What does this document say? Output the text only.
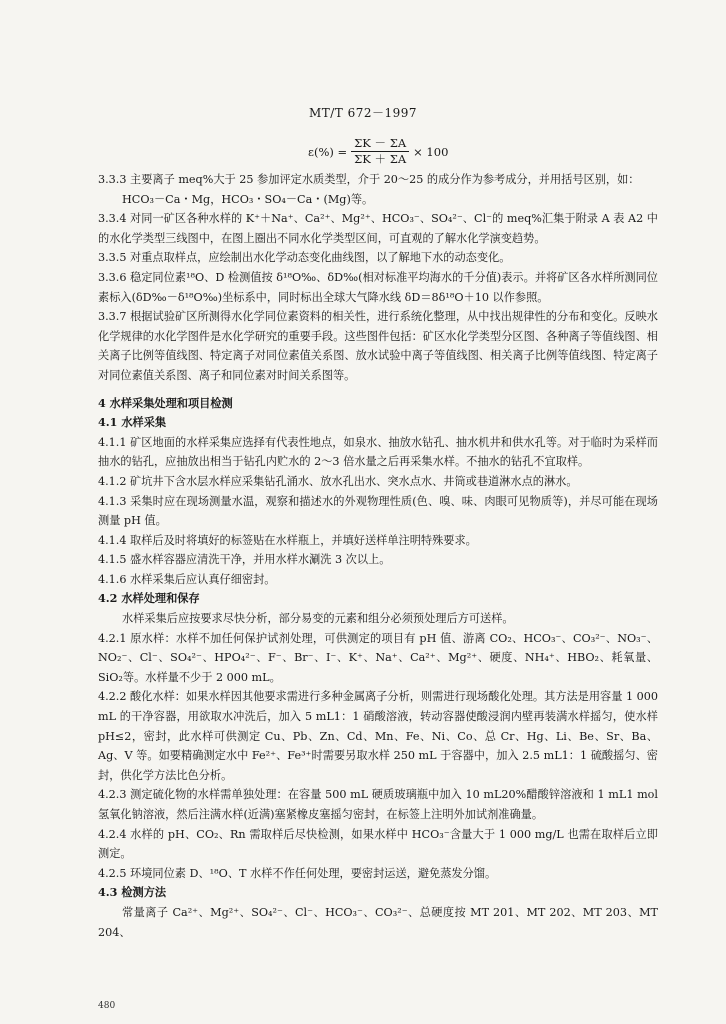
MT/T 672－1997
$\varepsilon(\%) = \frac{\Sigma K - \Sigma A}{\Sigma K + \Sigma A} \times 100$

3.3.3 主要离子 meq%大于 25 参加评定水质类型，介于 20～25 的成分作为参考成分，并用括号区别，如：

HCO₃－Ca・Mg，HCO₃・SO₄－Ca・(Mg)等。

3.3.4 对同一矿区各种水样的 K⁺＋Na⁺、Ca²⁺、Mg²⁺、HCO₃⁻、SO₄²⁻、Cl⁻的 meq%汇集于附录 A 表 A2 中的水化学类型三线图中，在图上圈出不同水化学类型区间，可直观的了解水化学演变趋势。

3.3.5 对重点取样点，应绘制出水化学动态变化曲线图，以了解地下水的动态变化。

3.3.6 稳定同位素¹⁸O、D 检测值按 δ¹⁸O‰、δD‰(相对标准平均海水的千分值)表示。并将矿区各水样所测同位素标入(δD‰－δ¹⁸O‰)坐标系中，同时标出全球大气降水线 δD＝8δ¹⁸O＋10 以作参照。

3.3.7 根据试验矿区所测得水化学同位素资料的相关性，进行系统化整理，从中找出规律性的分布和变化。反映水化学规律的水化学图件是水化学研究的重要手段。这些图件包括：矿区水化学类型分区图、各种离子等值线图、相关离子比例等值线图、特定离子对同位素值关系图、放水试验中离子等值线图、相关离子比例等值线图、特定离子对同位素值关系图、离子和同位素对时间关系图等。

4 水样采集处理和项目检测

4.1 水样采集

4.1.1 矿区地面的水样采集应选择有代表性地点，如泉水、抽放水钻孔、抽水机井和供水孔等。对于临时为采样而抽水的钻孔，应抽放出相当于钻孔内贮水的 2～3 倍水量之后再采集水样。不抽水的钻孔不宜取样。

4.1.2 矿坑井下含水层水样应采集钻孔涌水、放水孔出水、突水点水、井筒或巷道淋水点的淋水。

4.1.3 采集时应在现场测量水温，观察和描述水的外观物理性质(色、嗅、味、肉眼可见物质等)，并尽可能在现场测量 pH 值。

4.1.4 取样后及时将填好的标签贴在水样瓶上，并填好送样单注明特殊要求。

4.1.5 盛水样容器应清洗干净，并用水样水涮洗 3 次以上。

4.1.6 水样采集后应认真仔细密封。

4.2 水样处理和保存

水样采集后应按要求尽快分析，部分易变的元素和组分必须预处理后方可送样。

4.2.1 原水样：水样不加任何保护试剂处理，可供测定的项目有 pH 值、游离 CO₂、HCO₃⁻、CO₃²⁻、NO₃⁻、NO₂⁻、Cl⁻、SO₄²⁻、HPO₄²⁻、F⁻、Br⁻、I⁻、K⁺、Na⁺、Ca²⁺、Mg²⁺、硬度、NH₄⁺、HBO₂、耗氧量、SiO₂等。水样量不少于 2 000 mL。

4.2.2 酸化水样：如果水样因其他要求需进行多种金属离子分析，则需进行现场酸化处理。其方法是用容量 1 000 mL 的干净容器，用欲取水冲洗后，加入 5 mL1：1 硝酸溶液，转动容器使酸浸润内壁再装满水样摇匀，使水样 pH≤2，密封，此水样可供测定 Cu、Pb、Zn、Cd、Mn、Fe、Ni、Co、总 Cr、Hg、Li、Be、Sr、Ba、Ag、V 等。如要精确测定水中 Fe²⁺、Fe³⁺时需要另取水样 250 mL 于容器中，加入 2.5 mL1：1 硫酸摇匀、密封，供化学方法比色分析。

4.2.3 测定硫化物的水样需单独处理：在容量 500 mL 硬质玻璃瓶中加入 10 mL20%醋酸锌溶液和 1 mL1 mol氢氧化钠溶液，然后注满水样(近满)塞紧橡皮塞摇匀密封，在标签上注明外加试剂准确量。

4.2.4 水样的 pH、CO₂、Rn 需取样后尽快检测，如果水样中 HCO₃⁻含量大于 1 000 mg/L 也需在取样后立即测定。

4.2.5 环境同位素 D、¹⁸O、T 水样不作任何处理，要密封运送，避免蒸发分馏。

4.3 检测方法

常量离子 Ca²⁺、Mg²⁺、SO₄²⁻、Cl⁻、HCO₃⁻、CO₃²⁻、总硬度按 MT 201、MT 202、MT 203、MT 204、

480
